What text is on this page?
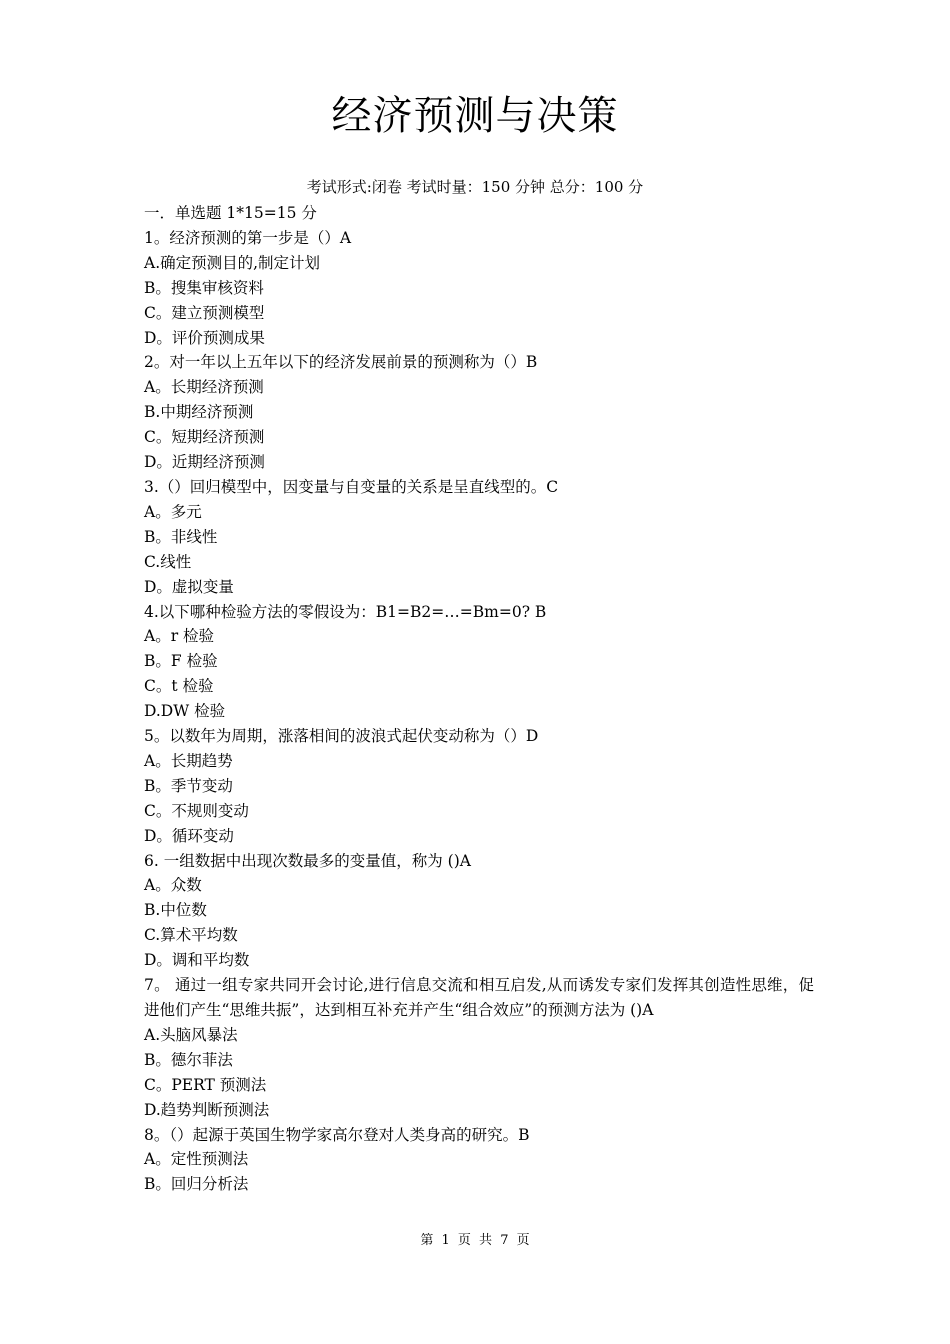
经济预测与决策
考试形式:闭卷 考试时量：150 分钟 总分：100 分
一．单选题 1*15=15 分
1。经济预测的第一步是（）A
A.确定预测目的,制定计划
B。搜集审核资料
C。建立预测模型
D。评价预测成果
2。对一年以上五年以下的经济发展前景的预测称为（）B
A。长期经济预测
B.中期经济预测
C。短期经济预测
D。近期经济预测
3.（）回归模型中，因变量与自变量的关系是呈直线型的。C
A。多元
B。非线性
C.线性
D。虚拟变量
4.以下哪种检验方法的零假设为：B1=B2=…=Bm=0? B
A。r 检验
B。F 检验
C。t 检验
D.DW 检验
5。以数年为周期，涨落相间的波浪式起伏变动称为（）D
A。长期趋势
B。季节变动
C。不规则变动
D。循环变动
6. 一组数据中出现次数最多的变量值，称为 ()A
A。众数
B.中位数
C.算术平均数
D。调和平均数
7。 通过一组专家共同开会讨论,进行信息交流和相互启发,从而诱发专家们发挥其创造性思维，促进他们产生“思维共振”，达到相互补充并产生“组合效应”的预测方法为 ()A
A.头脑风暴法
B。德尔菲法
C。PERT 预测法
D.趋势判断预测法
8。（）起源于英国生物学家高尔登对人类身高的研究。B
A。定性预测法
B。回归分析法
第 1 页 共 7 页
